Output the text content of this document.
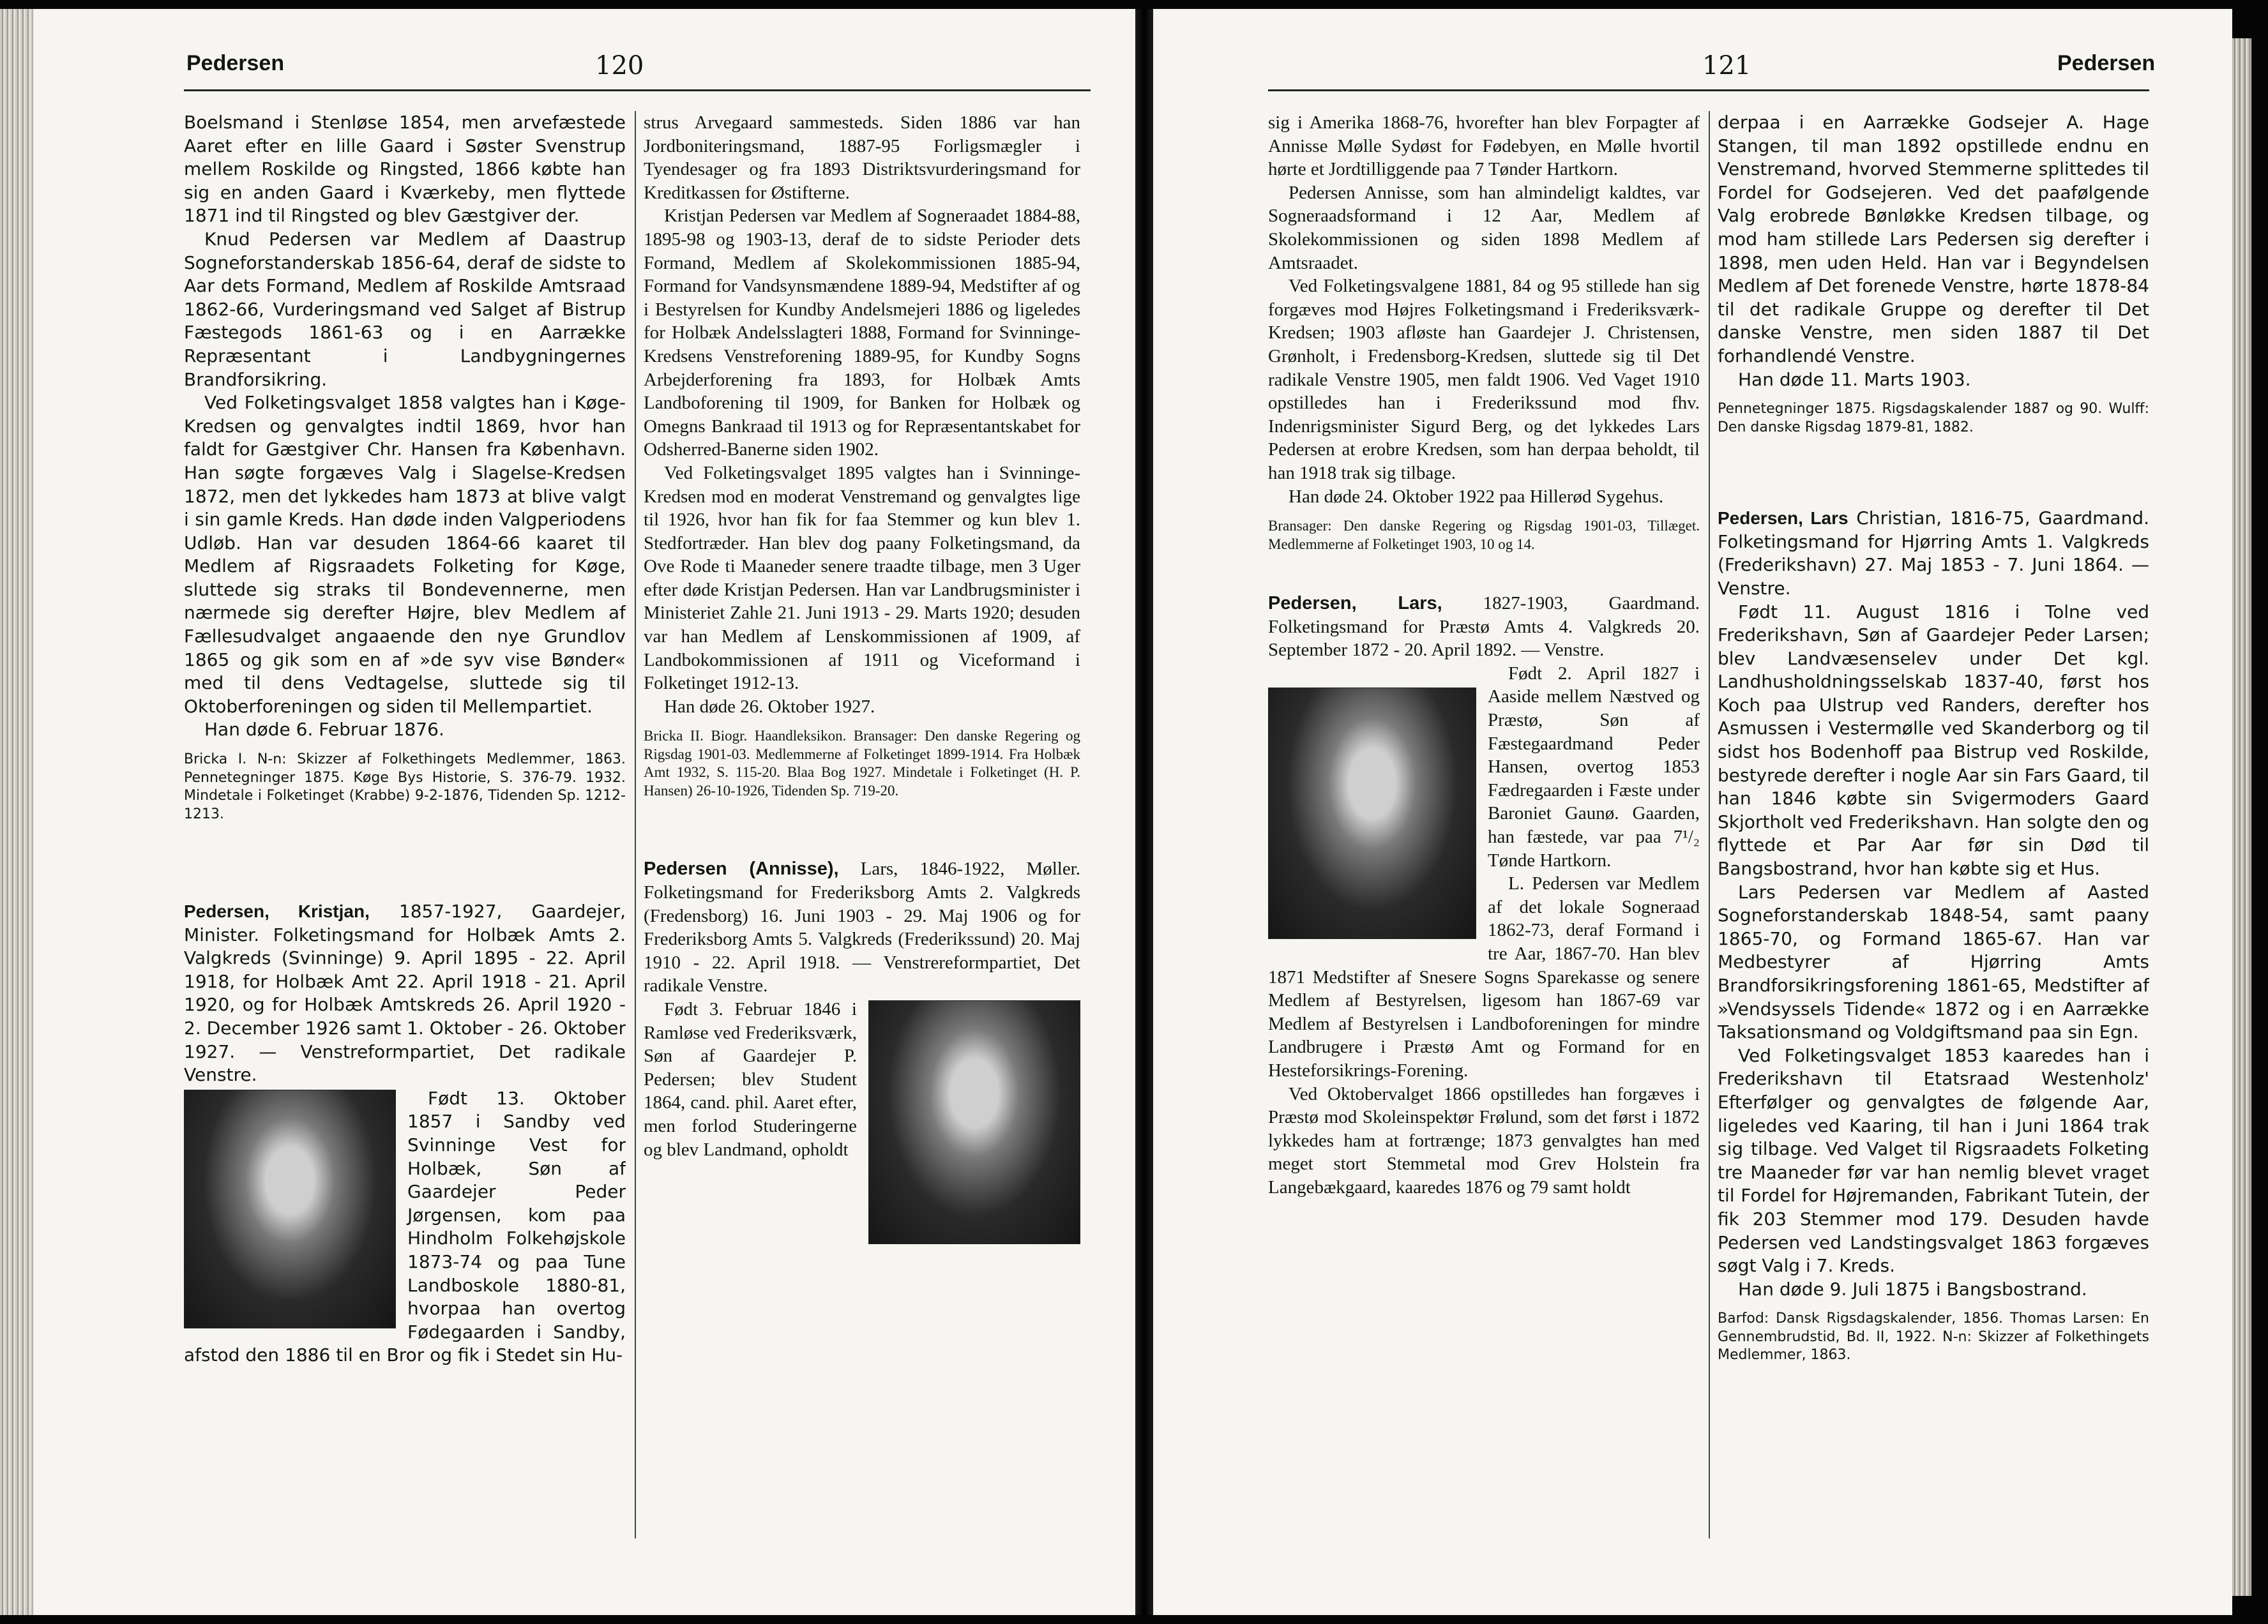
Pedersen	120

Boelsmand i Stenløse 1854, men arvefæstede Aaret efter en lille Gaard i Søster Svenstrup mellem Roskilde og Ringsted, 1866 købte han sig en anden Gaard i Kværkeby, men flyttede 1871 ind til Ringsted og blev Gæstgiver der.

Knud Pedersen var Medlem af Daastrup Sogneforstanderskab 1856-64, deraf de sidste to Aar dets Formand, Medlem af Roskilde Amtsraad 1862-66, Vurderingsmand ved Salget af Bistrup Fæstegods 1861-63 og i en Aarrække Repræsentant i Landbygningernes Brandforsikring.

Ved Folketingsvalget 1858 valgtes han i Køge-Kredsen og genvalgtes indtil 1869, hvor han faldt for Gæstgiver Chr. Hansen fra København. Han søgte forgæves Valg i Slagelse-Kredsen 1872, men det lykkedes ham 1873 at blive valgt i sin gamle Kreds. Han døde inden Valgperiodens Udløb. Han var desuden 1864-66 kaaret til Medlem af Rigsraadets Folketing for Køge, sluttede sig straks til Bondevennerne, men nærmede sig derefter Højre, blev Medlem af Fællesudvalget angaaende den nye Grundlov 1865 og gik som en af »de syv vise Bønder« med til dens Vedtagelse, sluttede sig til Oktoberforeningen og siden til Mellempartiet.

Han døde 6. Februar 1876.

Bricka I. N-n: Skizzer af Folkethingets Medlemmer, 1863. Pennetegninger 1875. Køge Bys Historie, S. 376-79. 1932. Mindetale i Folketinget (Krabbe) 9-2-1876, Tidenden Sp. 1212-1213.

Pedersen, Kristjan, 1857-1927, Gaardejer, Minister. Folketingsmand for Holbæk Amts 2. Valgkreds (Svinninge) 9. April 1895 - 22. April 1918, for Holbæk Amt 22. April 1918 - 21. April 1920, og for Holbæk Amtskreds 26. April 1920 - 2. December 1926 samt 1. Oktober - 26. Oktober 1927. — Venstreformpartiet, Det radikale Venstre.

Født 13. Oktober 1857 i Sandby ved Svinninge Vest for Holbæk, Søn af Gaardejer Peder Jørgensen, kom paa Hindholm Folkehøjskole 1873-74 og paa Tune Landboskole 1880-81, hvorpaa han overtog Fødegaarden i Sandby, afstod den 1886 til en Bror og fik i Stedet sin Hu-

strus Arvegaard sammesteds. Siden 1886 var han Jordboniteringsmand, 1887-95 Forligsmægler i Tyendesager og fra 1893 Distriktsvurderingsmand for Kreditkassen for Østifterne.

Kristjan Pedersen var Medlem af Sogneraadet 1884-88, 1895-98 og 1903-13, deraf de to sidste Perioder dets Formand, Medlem af Skolekommissionen 1885-94, Formand for Vandsynsmændene 1889-94, Medstifter af og i Bestyrelsen for Kundby Andelsmejeri 1886 og ligeledes for Holbæk Andelsslagteri 1888, Formand for Svinninge-Kredsens Venstreforening 1889-95, for Kundby Sogns Arbejderforening fra 1893, for Holbæk Amts Landboforening til 1909, for Banken for Holbæk og Omegns Bankraad til 1913 og for Repræsentantskabet for Odsherred-Banerne siden 1902.

Ved Folketingsvalget 1895 valgtes han i Svinninge-Kredsen mod en moderat Venstremand og genvalgtes lige til 1926, hvor han fik for faa Stemmer og kun blev 1. Stedfortræder. Han blev dog paany Folketingsmand, da Ove Rode ti Maaneder senere traadte tilbage, men 3 Uger efter døde Kristjan Pedersen. Han var Landbrugsminister i Ministeriet Zahle 21. Juni 1913 - 29. Marts 1920; desuden var han Medlem af Lenskommissionen af 1909, af Landbokommissionen af 1911 og Viceformand i Folketinget 1912-13.

Han døde 26. Oktober 1927.

Bricka II. Biogr. Haandleksikon. Bransager: Den danske Regering og Rigsdag 1901-03. Medlemmerne af Folketinget 1899-1914. Fra Holbæk Amt 1932, S. 115-20. Blaa Bog 1927. Mindetale i Folketinget (H. P. Hansen) 26-10-1926, Tidenden Sp. 719-20.

Pedersen (Annisse), Lars, 1846-1922, Møller. Folketingsmand for Frederiksborg Amts 2. Valgkreds (Fredensborg) 16. Juni 1903 - 29. Maj 1906 og for Frederiksborg Amts 5. Valgkreds (Frederikssund) 20. Maj 1910 - 22. April 1918. — Venstrereformpartiet, Det radikale Venstre.

Født 3. Februar 1846 i Ramløse ved Frederiksværk, Søn af Gaardejer P. Pedersen; blev Student 1864, cand. phil. Aaret efter, men forlod Studeringerne og blev Landmand, opholdt

121	Pedersen

sig i Amerika 1868-76, hvorefter han blev Forpagter af Annisse Mølle Sydøst for Fødebyen, en Mølle hvortil hørte et Jordtilliggende paa 7 Tønder Hartkorn.

Pedersen Annisse, som han almindeligt kaldtes, var Sogneraadsformand i 12 Aar, Medlem af Skolekommissionen og siden 1898 Medlem af Amtsraadet.

Ved Folketingsvalgene 1881, 84 og 95 stillede han sig forgæves mod Højres Folketingsmand i Frederiksværk-Kredsen; 1903 afløste han Gaardejer J. Christensen, Grønholt, i Fredensborg-Kredsen, sluttede sig til Det radikale Venstre 1905, men faldt 1906. Ved Vaget 1910 opstilledes han i Frederikssund mod fhv. Indenrigsminister Sigurd Berg, og det lykkedes Lars Pedersen at erobre Kredsen, som han derpaa beholdt, til han 1918 trak sig tilbage.

Han døde 24. Oktober 1922 paa Hillerød Sygehus.

Bransager: Den danske Regering og Rigsdag 1901-03, Tillæget. Medlemmerne af Folketinget 1903, 10 og 14.

Pedersen, Lars, 1827-1903, Gaardmand. Folketingsmand for Præstø Amts 4. Valgkreds 20. September 1872 - 20. April 1892. — Venstre.

Født 2. April 1827 i Aaside mellem Næstved og Præstø, Søn af Fæstegaardmand Peder Hansen, overtog 1853 Fædregaarden i Fæste under Baroniet Gaunø. Gaarden, han fæstede, var paa 7¹/₂ Tønde Hartkorn.

L. Pedersen var Medlem af det lokale Sogneraad 1862-73, deraf Formand i tre Aar, 1867-70. Han blev 1871 Medstifter af Snesere Sogns Sparekasse og senere Medlem af Bestyrelsen, ligesom han 1867-69 var Medlem af Bestyrelsen i Landboforeningen for mindre Landbrugere i Præstø Amt og Formand for en Hesteforsikrings-Forening.

Ved Oktobervalget 1866 opstilledes han forgæves i Præstø mod Skoleinspektør Frølund, som det først i 1872 lykkedes ham at fortrænge; 1873 genvalgtes han med meget stort Stemmetal mod Grev Holstein fra Langebækgaard, kaaredes 1876 og 79 samt holdt

derpaa i en Aarrække Godsejer A. Hage Stangen, til man 1892 opstillede endnu en Venstremand, hvorved Stemmerne splittedes til Fordel for Godsejeren. Ved det paafølgende Valg erobrede Bønløkke Kredsen tilbage, og mod ham stillede Lars Pedersen sig derefter i 1898, men uden Held. Han var i Begyndelsen Medlem af Det forenede Venstre, hørte 1878-84 til det radikale Gruppe og derefter til Det danske Venstre, men siden 1887 til Det forhandlendé Venstre.

Han døde 11. Marts 1903.

Pennetegninger 1875. Rigsdagskalender 1887 og 90. Wulff: Den danske Rigsdag 1879-81, 1882.

Pedersen, Lars Christian, 1816-75, Gaardmand. Folketingsmand for Hjørring Amts 1. Valgkreds (Frederikshavn) 27. Maj 1853 - 7. Juni 1864. — Venstre.

Født 11. August 1816 i Tolne ved Frederikshavn, Søn af Gaardejer Peder Larsen; blev Landvæsenselev under Det kgl. Landhusholdningsselskab 1837-40, først hos Koch paa Ulstrup ved Randers, derefter hos Asmussen i Vestermølle ved Skanderborg og til sidst hos Bodenhoff paa Bistrup ved Roskilde, bestyrede derefter i nogle Aar sin Fars Gaard, til han 1846 købte sin Svigermoders Gaard Skjortholt ved Frederikshavn. Han solgte den og flyttede et Par Aar før sin Død til Bangsbostrand, hvor han købte sig et Hus.

Lars Pedersen var Medlem af Aasted Sogneforstanderskab 1848-54, samt paany 1865-70, og Formand 1865-67. Han var Medbestyrer af Hjørring Amts Brandforsikringsforening 1861-65, Medstifter af »Vendsyssels Tidende« 1872 og i en Aarrække Taksationsmand og Voldgiftsmand paa sin Egn.

Ved Folketingsvalget 1853 kaaredes han i Frederikshavn til Etatsraad Westenholz' Efterfølger og genvalgtes de følgende Aar, ligeledes ved Kaaring, til han i Juni 1864 trak sig tilbage. Ved Valget til Rigsraadets Folketing tre Maaneder før var han nemlig blevet vraget til Fordel for Højremanden, Fabrikant Tutein, der fik 203 Stemmer mod 179. Desuden havde Pedersen ved Landstingsvalget 1863 forgæves søgt Valg i 7. Kreds.

Han døde 9. Juli 1875 i Bangsbostrand.

Barfod: Dansk Rigsdagskalender, 1856. Thomas Larsen: En Gennembrudstid, Bd. II, 1922. N-n: Skizzer af Folkethingets Medlemmer, 1863.
